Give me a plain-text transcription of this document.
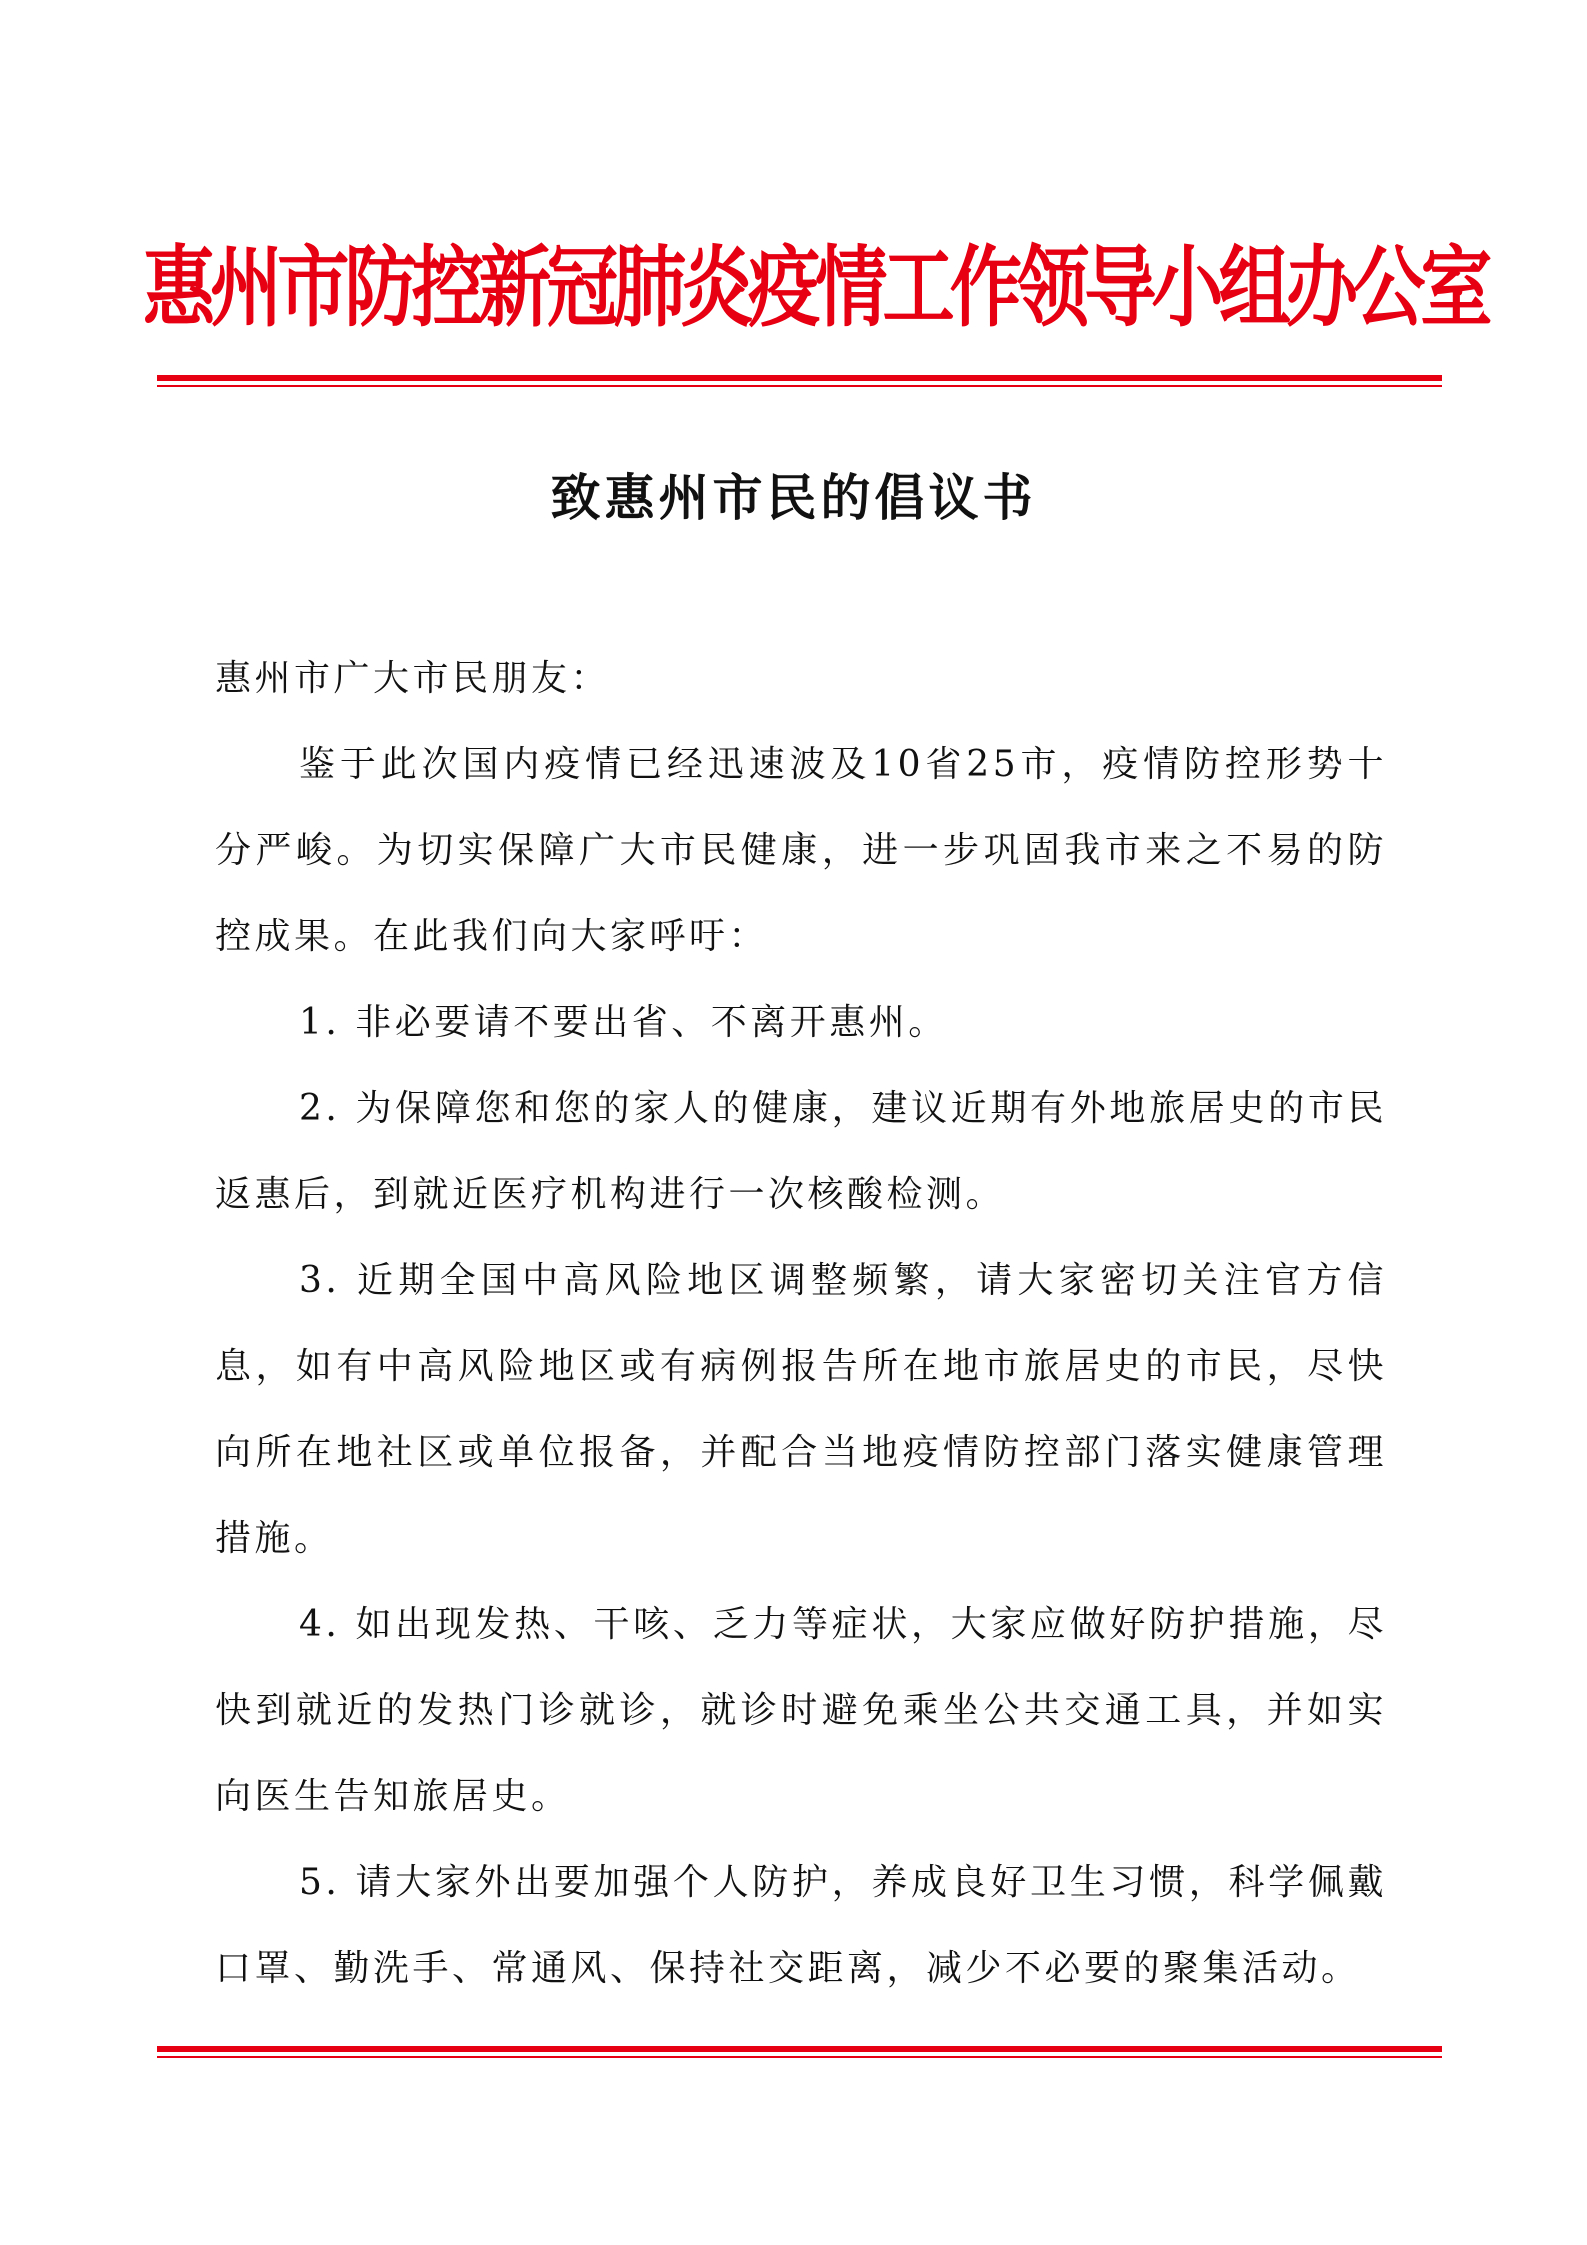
惠州市防控新冠肺炎疫情工作领导小组办公室
致惠州市民的倡议书

惠州市广大市民朋友：

鉴于此次国内疫情已经迅速波及10省25市，疫情防控形势十分严峻。为切实保障广大市民健康，进一步巩固我市来之不易的防控成果。在此我们向大家呼吁：

1. 非必要请不要出省、不离开惠州。

2. 为保障您和您的家人的健康，建议近期有外地旅居史的市民返惠后，到就近医疗机构进行一次核酸检测。

3. 近期全国中高风险地区调整频繁，请大家密切关注官方信息，如有中高风险地区或有病例报告所在地市旅居史的市民，尽快向所在地社区或单位报备，并配合当地疫情防控部门落实健康管理措施。

4. 如出现发热、干咳、乏力等症状，大家应做好防护措施，尽快到就近的发热门诊就诊，就诊时避免乘坐公共交通工具，并如实向医生告知旅居史。

5. 请大家外出要加强个人防护，养成良好卫生习惯，科学佩戴口罩、勤洗手、常通风、保持社交距离，减少不必要的聚集活动。
